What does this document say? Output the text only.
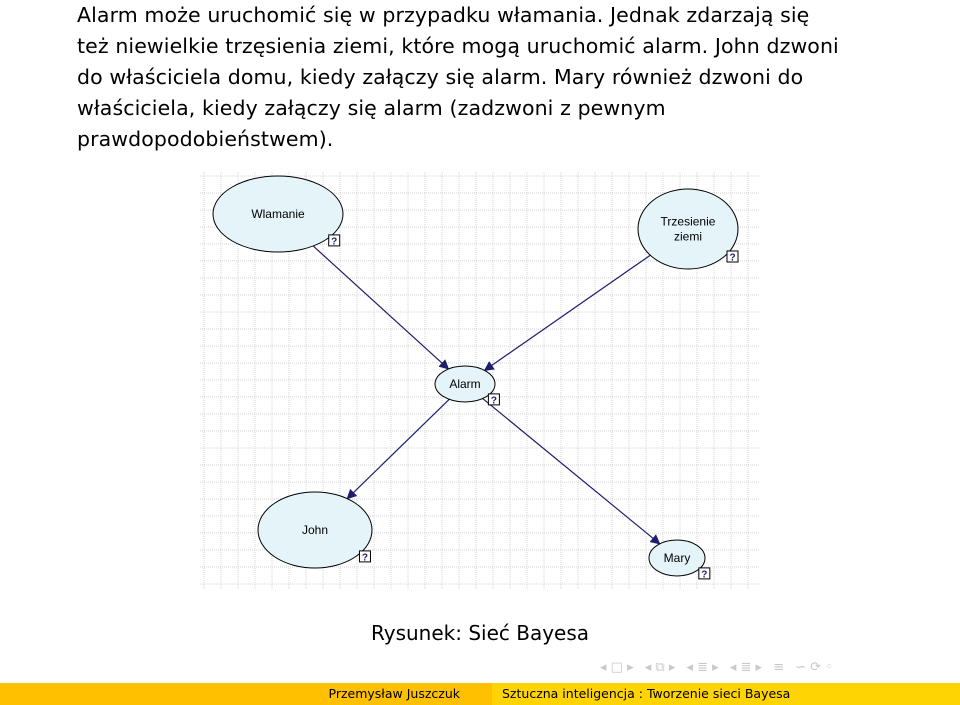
Alarm może uruchomić się w przypadku włamania. Jednak zdarzają się
też niewielkie trzęsienia ziemi, które mogą uruchomić alarm. John dzwoni
do właściciela domu, kiedy załączy się alarm. Mary również dzwoni do
właściciela, kiedy załączy się alarm (zadzwoni z pewnym
prawdopodobieństwem).
Wlamanie
?
Trzesienie
ziemi
?
Alarm
?
John
?	Mary
?
Rysunek: Sieć Bayesa
◂ □ ▸ ◂ ⧉ ▸ ◂ ≣ ▸ ◂ ≣ ▸ ≡ ∽ ⟳ ◦
Przemysław Juszczuk	Sztuczna inteligencja : Tworzenie sieci Bayesa
